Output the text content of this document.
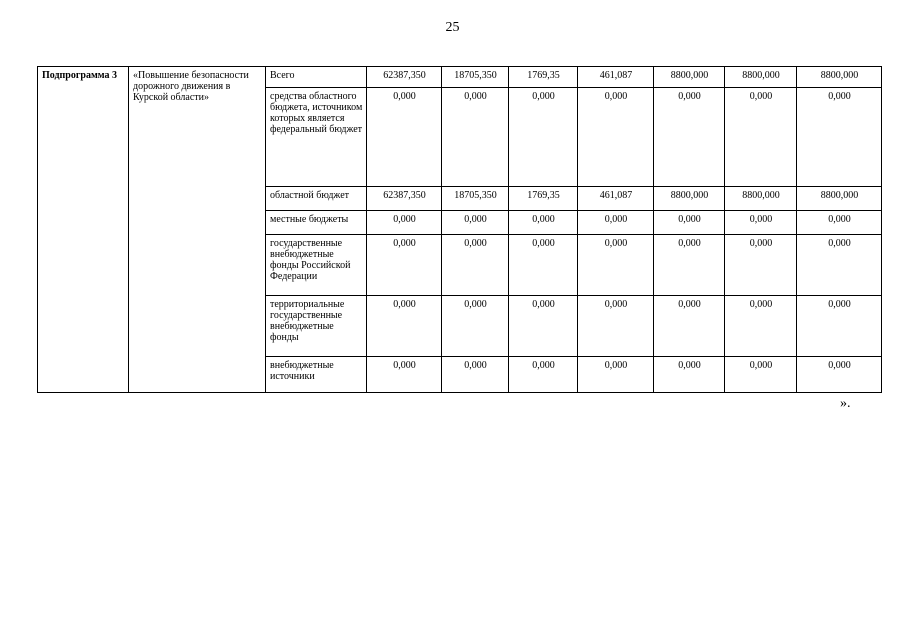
25
Подпрограмма 3	«Повышение безопасности дорожного движения в Курской области»	Всего	62387,350	18705,350	1769,35	461,087	8800,000	8800,000	8800,000
		средства областного бюджета, источником которых является федеральный бюджет	0,000	0,000	0,000	0,000	0,000	0,000	0,000
		областной бюджет	62387,350	18705,350	1769,35	461,087	8800,000	8800,000	8800,000
		местные бюджеты	0,000	0,000	0,000	0,000	0,000	0,000	0,000
		государственные внебюджетные фонды Российской Федерации	0,000	0,000	0,000	0,000	0,000	0,000	0,000
		территориальные государственные внебюджетные фонды	0,000	0,000	0,000	0,000	0,000	0,000	0,000
		внебюджетные источники	0,000	0,000	0,000	0,000	0,000	0,000	0,000
».
